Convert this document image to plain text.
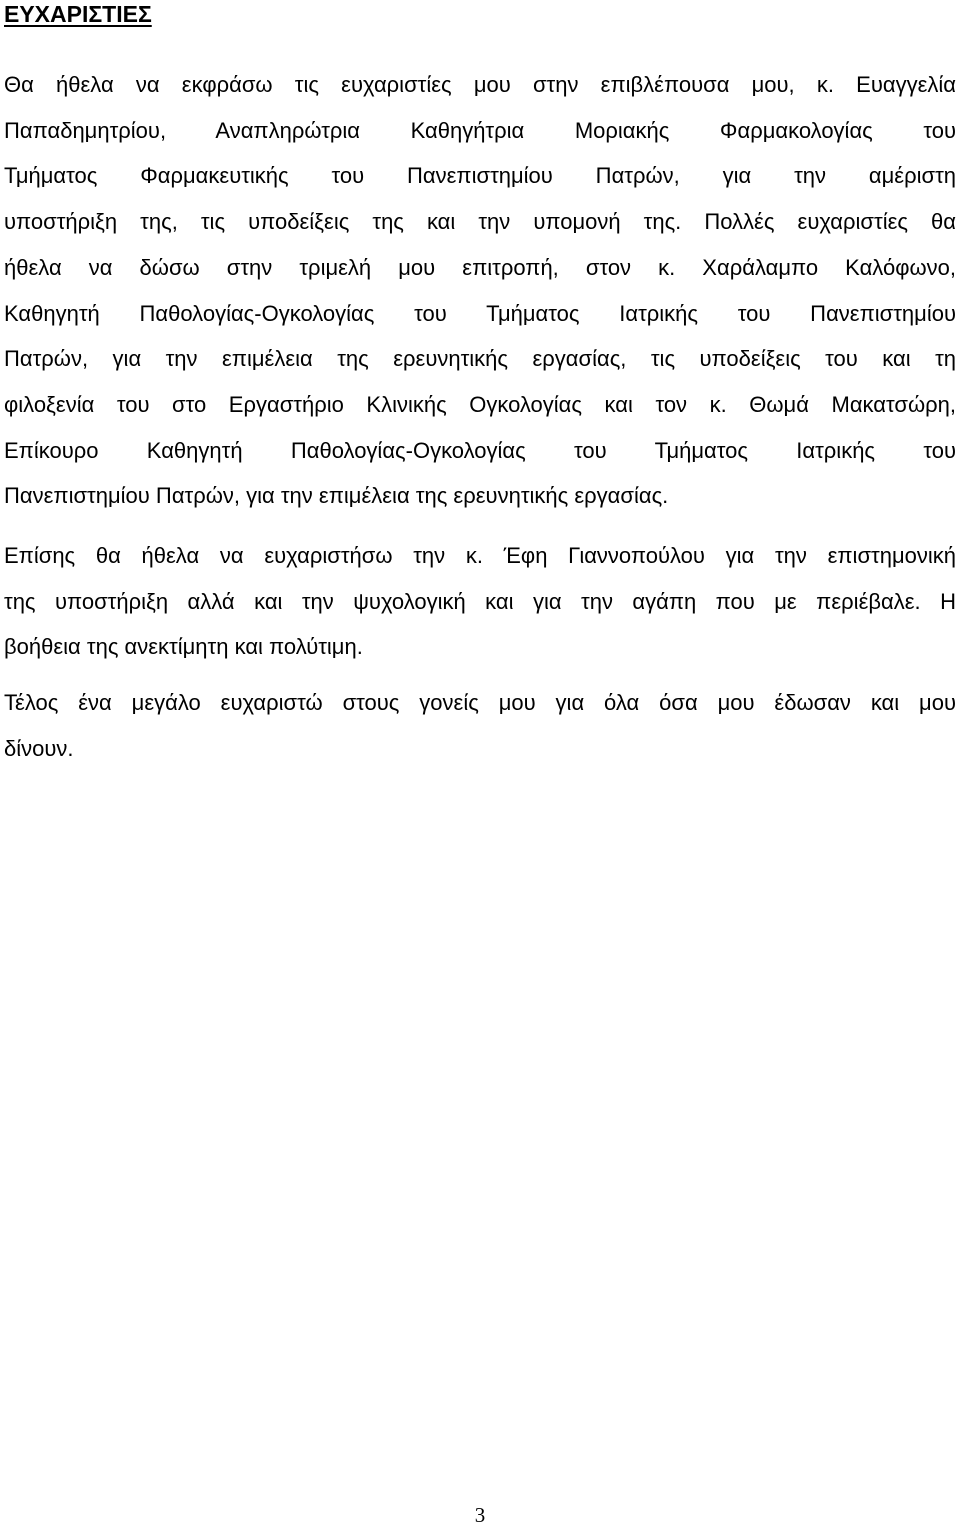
ΕΥΧΑΡΙΣΤΙΕΣ

Θα ήθελα να εκφράσω τις ευχαριστίες μου στην επιβλέπουσα μου, κ. Ευαγγελία
Παπαδημητρίου, Αναπληρώτρια Καθηγήτρια Μοριακής Φαρμακολογίας του
Τμήματος Φαρμακευτικής του Πανεπιστημίου Πατρών, για την αμέριστη
υποστήριξη της, τις υποδείξεις της και την υπομονή της. Πολλές ευχαριστίες θα
ήθελα να δώσω στην τριμελή μου επιτροπή, στον κ. Χαράλαμπο Καλόφωνο,
Καθηγητή Παθολογίας-Ογκολογίας του Τμήματος Ιατρικής του Πανεπιστημίου
Πατρών, για την επιμέλεια της ερευνητικής εργασίας, τις υποδείξεις του και τη
φιλοξενία του στο Εργαστήριο Κλινικής Ογκολογίας και τον κ. Θωμά Μακατσώρη,
Επίκουρο Καθηγητή Παθολογίας-Ογκολογίας του Τμήματος Ιατρικής του
Πανεπιστημίου Πατρών, για την επιμέλεια της ερευνητικής εργασίας.

Επίσης θα ήθελα να ευχαριστήσω την κ. Έφη Γιαννοπούλου για την επιστημονική
της υποστήριξη αλλά και την ψυχολογική και για την αγάπη που με περιέβαλε. Η
βοήθεια της ανεκτίμητη και πολύτιμη.

Τέλος ένα μεγάλο ευχαριστώ στους γονείς μου για όλα όσα μου έδωσαν και μου
δίνουν.

3
